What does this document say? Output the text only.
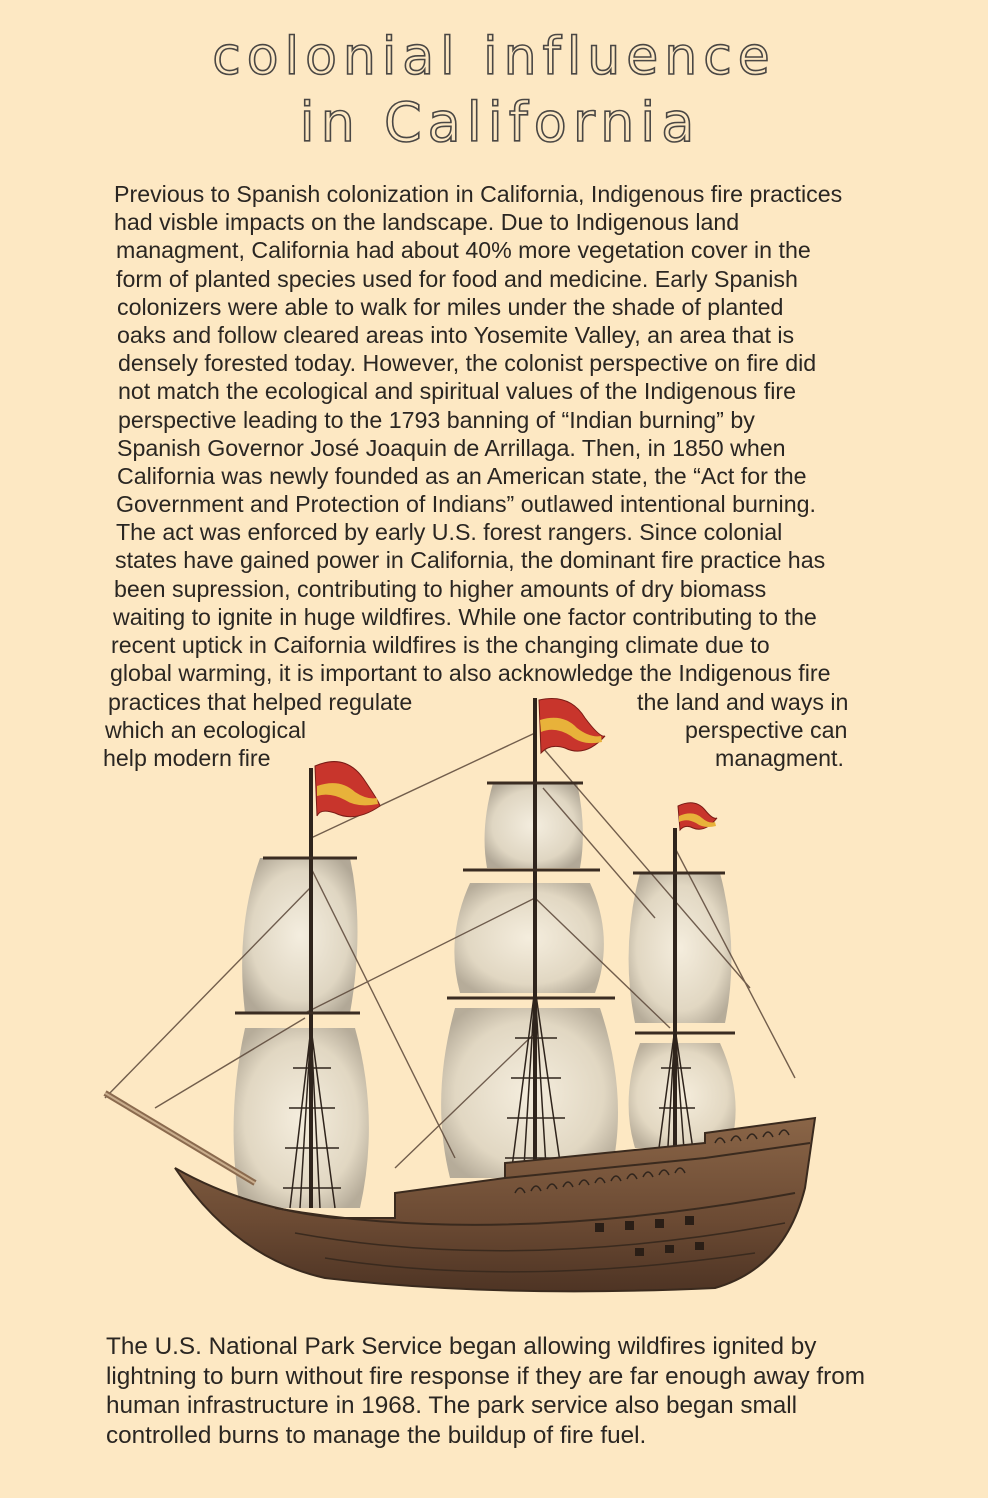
colonial influence
in California
Previous to Spanish colonization in California, Indigenous fire practices
had visble impacts on the landscape. Due to Indigenous land
managment, California had about 40% more vegetation cover in the
form of planted species used for food and medicine. Early Spanish
colonizers were able to walk for miles under the shade of planted
oaks and follow cleared areas into Yosemite Valley, an area that is
densely forested today. However, the colonist perspective on fire did
not match the ecological and spiritual values of the Indigenous fire
perspective leading to the 1793 banning of “Indian burning” by
Spanish Governor José Joaquin de Arrillaga. Then, in 1850 when
California was newly founded as an American state, the “Act for the
Government and Protection of Indians” outlawed intentional burning.
The act was enforced by early U.S. forest rangers. Since colonial
states have gained power in California, the dominant fire practice has
been supression, contributing to higher amounts of dry biomass
waiting to ignite in huge wildfires. While one factor contributing to the
recent uptick in Caifornia wildfires is the changing climate due to
global warming, it is important to also acknowledge the Indigenous fire
practices that helped regulate	the land and ways in
which an ecological	perspective can
help modern fire	managment.
The U.S. National Park Service began allowing wildfires ignited by
lightning to burn without fire response if they are far enough away from
human infrastructure in 1968. The park service also began small
controlled burns to manage the buildup of fire fuel.
